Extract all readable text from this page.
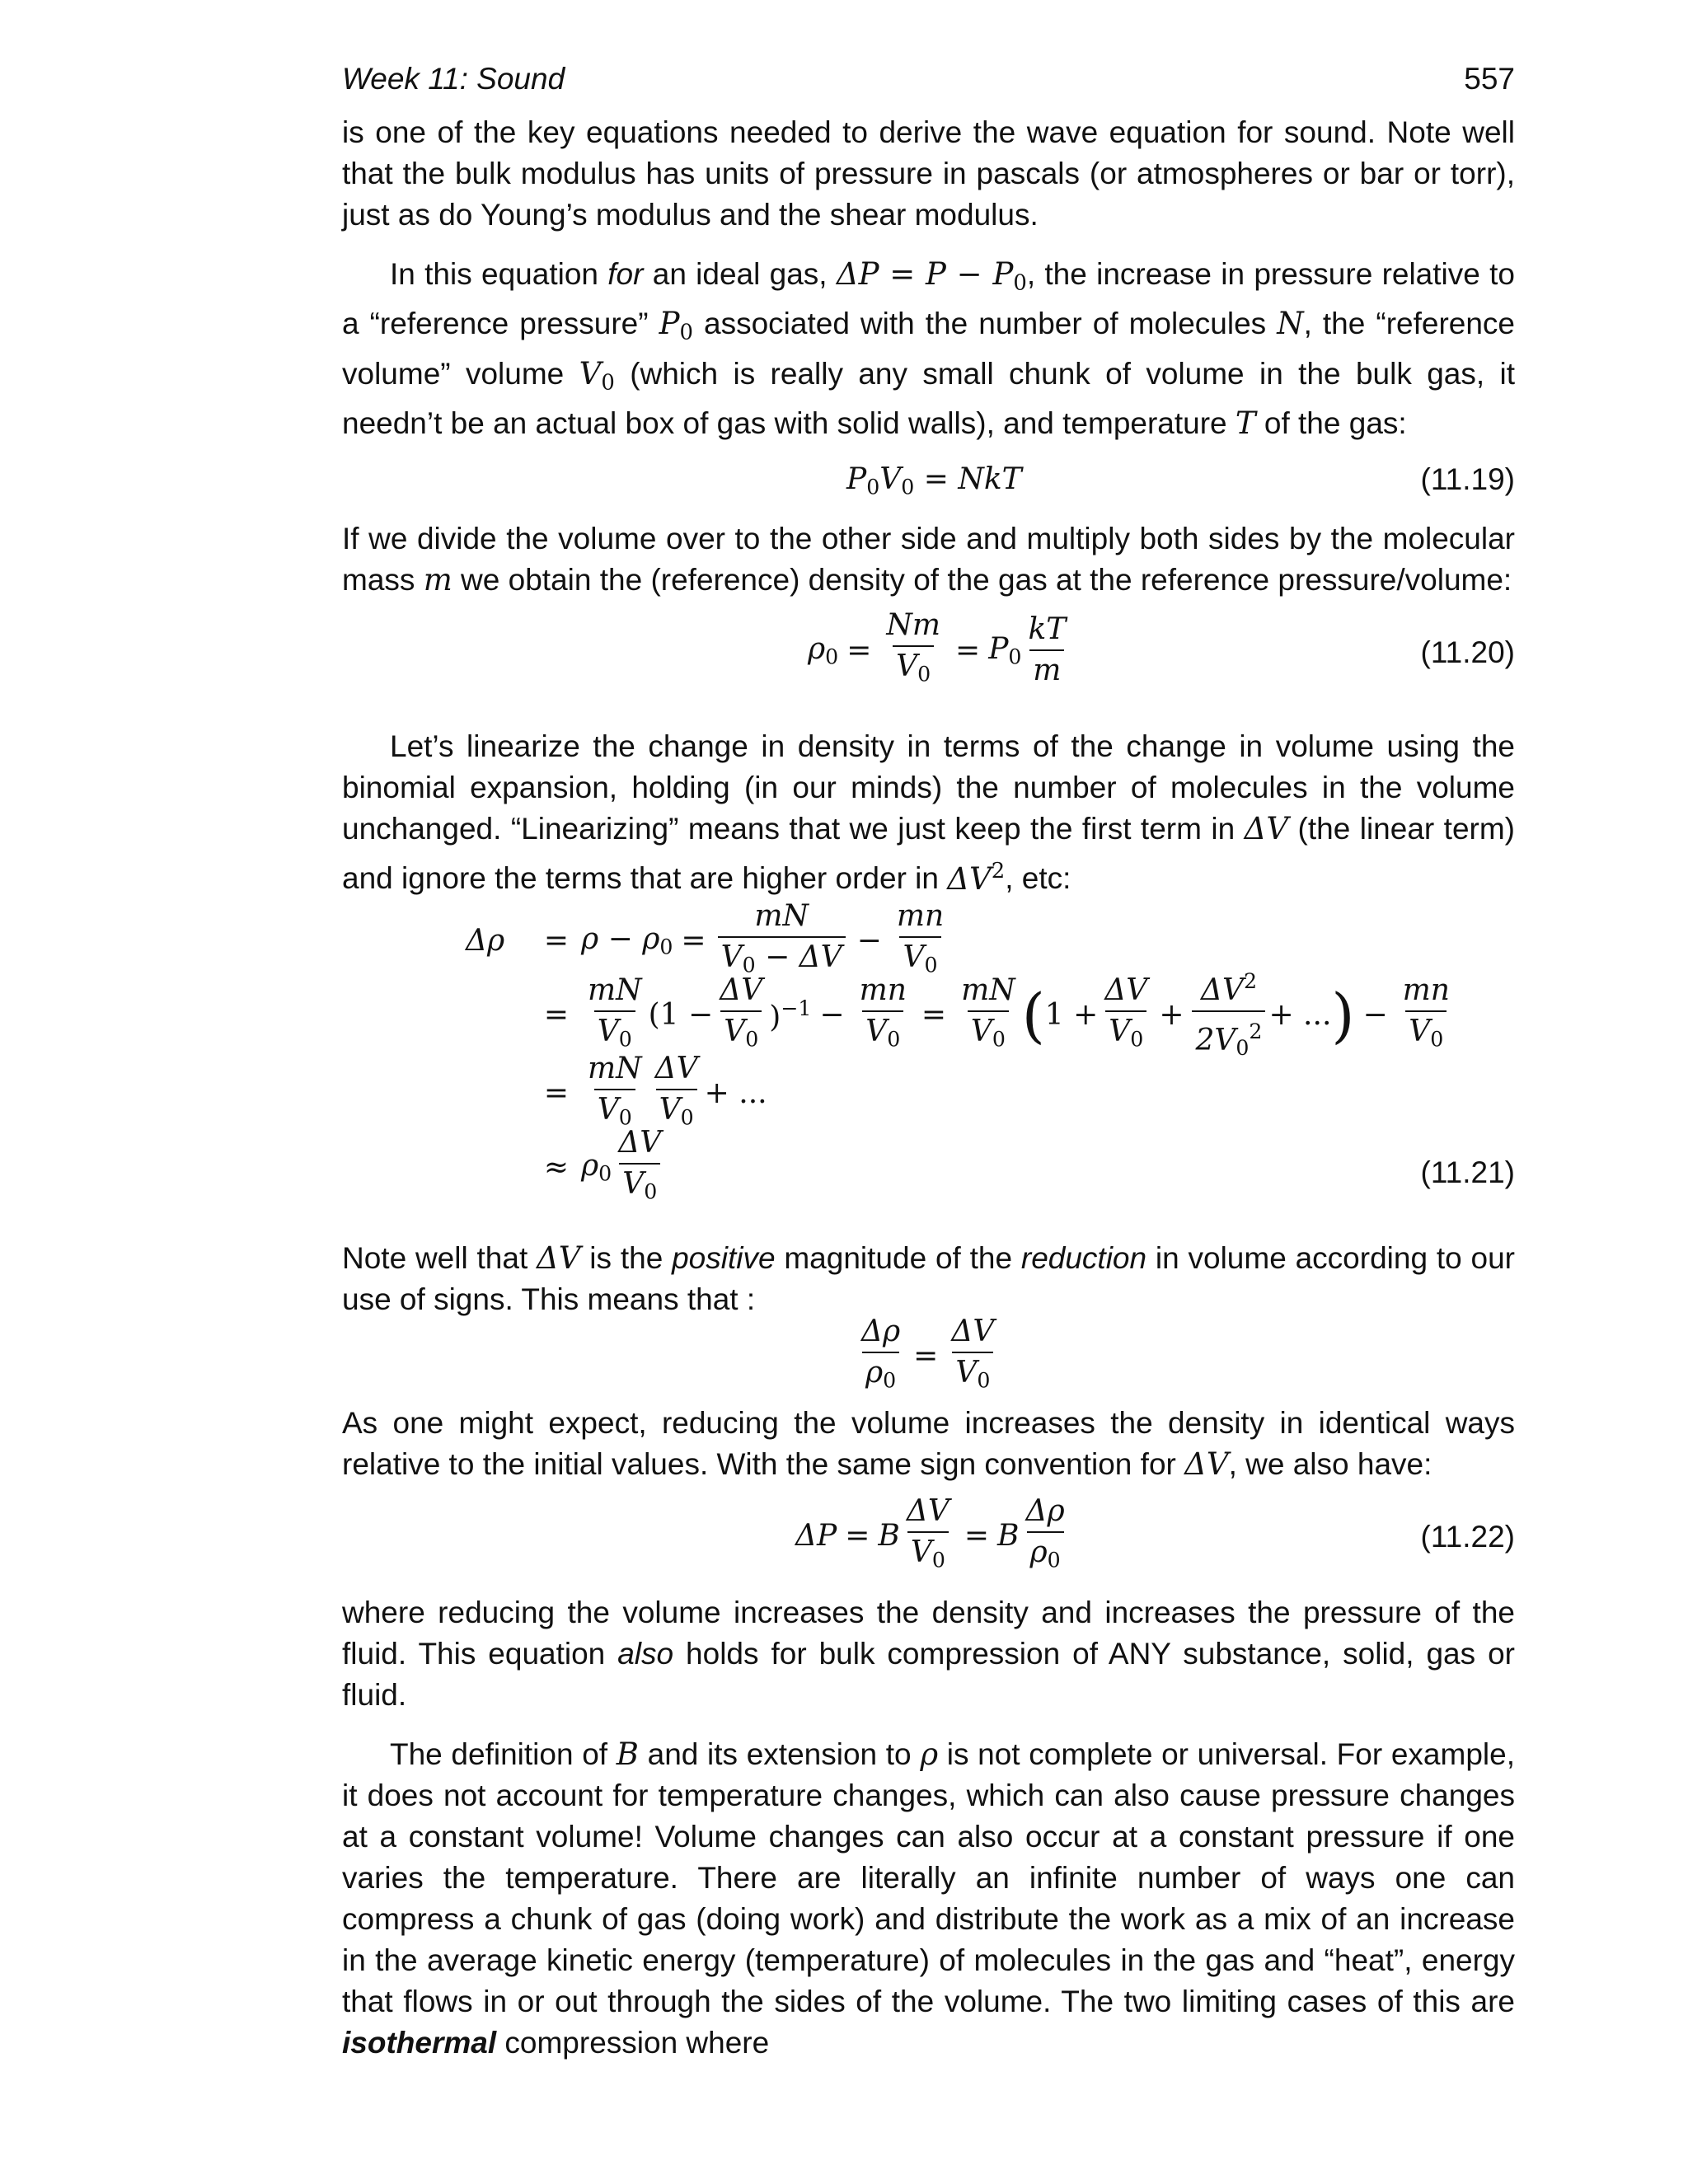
Week 11: Sound	557

is one of the key equations needed to derive the wave equation for sound. Note well that the bulk modulus has units of pressure in pascals (or atmospheres or bar or torr), just as do Young’s modulus and the shear modulus.

In this equation for an ideal gas, $\Delta P = P - P_0$, the increase in pressure relative to a “reference pressure” $P_0$ associated with the number of molecules N, the “reference volume” volume $V_0$ (which is really any small chunk of volume in the bulk gas, it needn’t be an actual box of gas with solid walls), and temperature T of the gas:

$P_0V_0$ = NkT	(11.19)

If we divide the volume over to the other side and multiply both sides by the molecular mass m we obtain the (reference) density of the gas at the reference pressure/volume:

$\rho_0 = \frac{Nm}{V_0} = P_0 \frac{kT}{m}$	(11.20)

Let’s linearize the change in density in terms of the change in volume using the binomial expansion, holding (in our minds) the number of molecules in the volume unchanged. “Linearizing” means that we just keep the first term in ΔV (the linear term) and ignore the terms that are higher order in $\Delta V^2$, etc:

Δρ	= $\rho - \rho_0 = \frac{mN}{V_0 - \Delta V} - \frac{mn}{V_0}$
= $\frac{mN}{V_0} (1 - \frac{\Delta V}{V_0} )^{-1} - \frac{mn}{V_0} = \frac{mN}{V_0}$ ( $1 + \frac{\Delta V}{V_0} + \frac{\Delta V^2}{2V_0^2}$ + ... ) − $\frac{mn}{V_0}$
= $\frac{mN}{V_0} \frac{\Delta V}{V_0}$ + ...
≈ $\rho_0 \frac{\Delta V}{V_0}$	(11.21)

Note well that ΔV is the positive magnitude of the reduction in volume according to our use of signs. This means that :

$\frac{\Delta\rho}{\rho_0} = \frac{\Delta V}{V_0}$

As one might expect, reducing the volume increases the density in identical ways relative to the initial values. With the same sign convention for ΔV, we also have:

ΔP = B $\frac{\Delta V}{V_0} = B \frac{\Delta\rho}{\rho_0}$	(11.22)

where reducing the volume increases the density and increases the pressure of the fluid. This equation also holds for bulk compression of ANY substance, solid, gas or fluid.

The definition of B and its extension to ρ is not complete or universal. For example, it does not account for temperature changes, which can also cause pressure changes at a constant volume! Volume changes can also occur at a constant pressure if one varies the temperature. There are literally an infinite number of ways one can compress a chunk of gas (doing work) and distribute the work as a mix of an increase in the average kinetic energy (temperature) of molecules in the gas and “heat”, energy that flows in or out through the sides of the volume. The two limiting cases of this are isothermal compression where
